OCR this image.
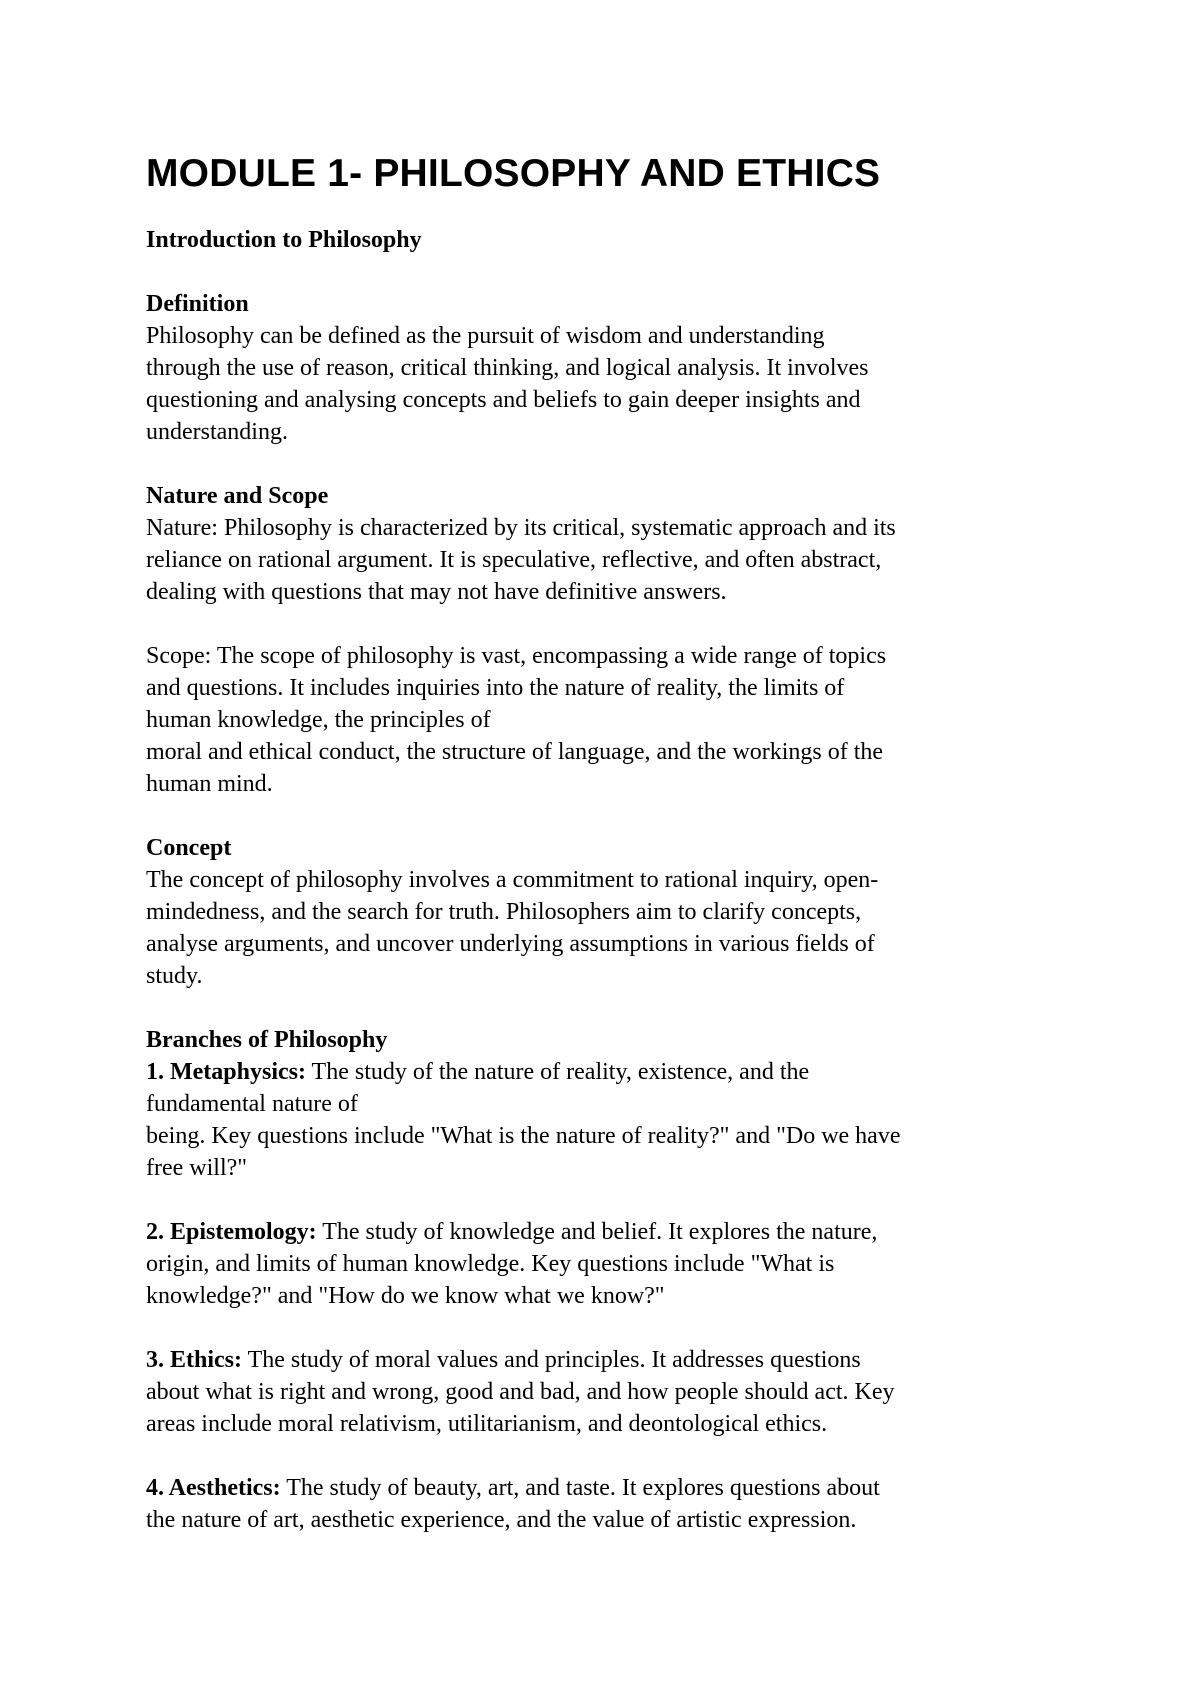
MODULE 1- PHILOSOPHY AND ETHICS
Introduction to Philosophy
Definition
Philosophy can be defined as the pursuit of wisdom and understanding
through the use of reason, critical thinking, and logical analysis. It involves
questioning and analysing concepts and beliefs to gain deeper insights and
understanding.
Nature and Scope
Nature: Philosophy is characterized by its critical, systematic approach and its
reliance on rational argument. It is speculative, reflective, and often abstract,
dealing with questions that may not have definitive answers.
Scope: The scope of philosophy is vast, encompassing a wide range of topics
and questions. It includes inquiries into the nature of reality, the limits of
human knowledge, the principles of
moral and ethical conduct, the structure of language, and the workings of the
human mind.
Concept
The concept of philosophy involves a commitment to rational inquiry, open-
mindedness, and the search for truth. Philosophers aim to clarify concepts,
analyse arguments, and uncover underlying assumptions in various fields of
study.
Branches of Philosophy
1. Metaphysics: The study of the nature of reality, existence, and the
fundamental nature of
being. Key questions include "What is the nature of reality?" and "Do we have
free will?"
2. Epistemology: The study of knowledge and belief. It explores the nature,
origin, and limits of human knowledge. Key questions include "What is
knowledge?" and "How do we know what we know?"
3. Ethics: The study of moral values and principles. It addresses questions
about what is right and wrong, good and bad, and how people should act. Key
areas include moral relativism, utilitarianism, and deontological ethics.
4. Aesthetics: The study of beauty, art, and taste. It explores questions about
the nature of art, aesthetic experience, and the value of artistic expression.
